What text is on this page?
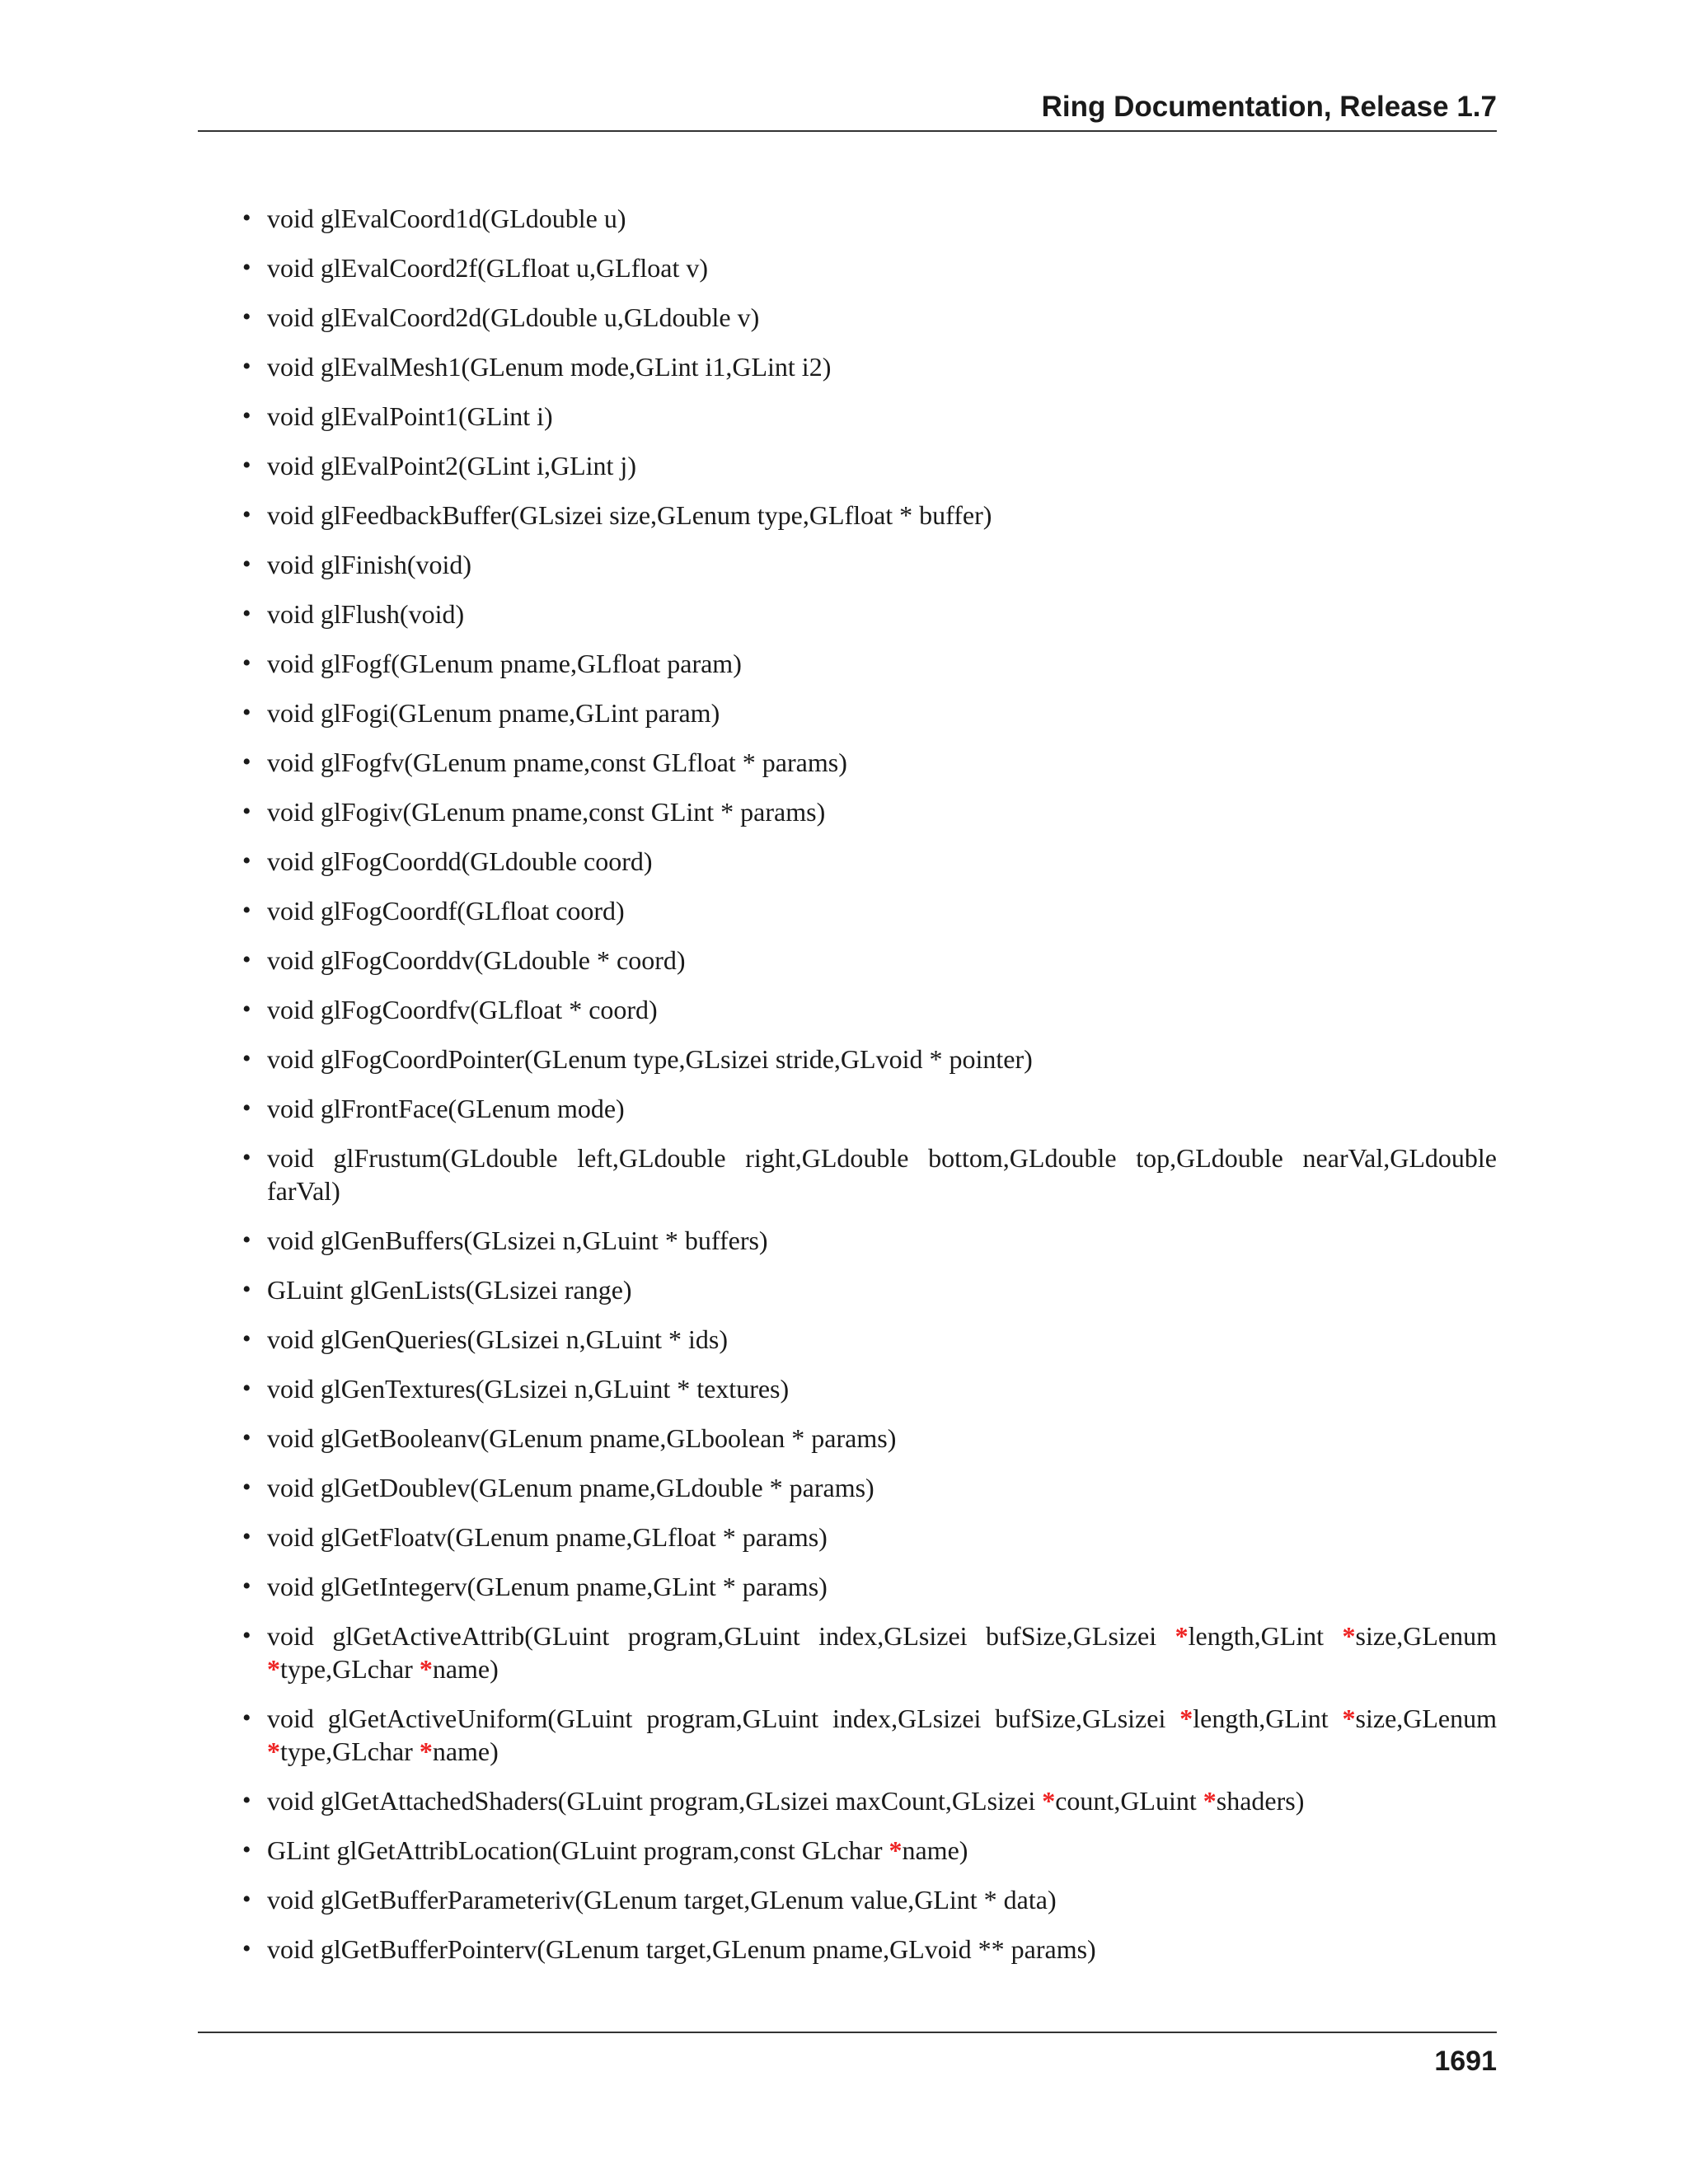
Ring Documentation, Release 1.7
• void glEvalCoord1d(GLdouble u)
• void glEvalCoord2f(GLfloat u,GLfloat v)
• void glEvalCoord2d(GLdouble u,GLdouble v)
• void glEvalMesh1(GLenum mode,GLint i1,GLint i2)
• void glEvalPoint1(GLint i)
• void glEvalPoint2(GLint i,GLint j)
• void glFeedbackBuffer(GLsizei size,GLenum type,GLfloat * buffer)
• void glFinish(void)
• void glFlush(void)
• void glFogf(GLenum pname,GLfloat param)
• void glFogi(GLenum pname,GLint param)
• void glFogfv(GLenum pname,const GLfloat * params)
• void glFogiv(GLenum pname,const GLint * params)
• void glFogCoordd(GLdouble coord)
• void glFogCoordf(GLfloat coord)
• void glFogCoorddv(GLdouble * coord)
• void glFogCoordfv(GLfloat * coord)
• void glFogCoordPointer(GLenum type,GLsizei stride,GLvoid * pointer)
• void glFrontFace(GLenum mode)
• void glFrustum(GLdouble left,GLdouble right,GLdouble bottom,GLdouble top,GLdouble nearVal,GLdouble farVal)
• void glGenBuffers(GLsizei n,GLuint * buffers)
• GLuint glGenLists(GLsizei range)
• void glGenQueries(GLsizei n,GLuint * ids)
• void glGenTextures(GLsizei n,GLuint * textures)
• void glGetBooleanv(GLenum pname,GLboolean * params)
• void glGetDoublev(GLenum pname,GLdouble * params)
• void glGetFloatv(GLenum pname,GLfloat * params)
• void glGetIntegerv(GLenum pname,GLint * params)
• void glGetActiveAttrib(GLuint program,GLuint index,GLsizei bufSize,GLsizei *length,GLint *size,GLenum *type,GLchar *name)
• void glGetActiveUniform(GLuint program,GLuint index,GLsizei bufSize,GLsizei *length,GLint *size,GLenum *type,GLchar *name)
• void glGetAttachedShaders(GLuint program,GLsizei maxCount,GLsizei *count,GLuint *shaders)
• GLint glGetAttribLocation(GLuint program,const GLchar *name)
• void glGetBufferParameteriv(GLenum target,GLenum value,GLint * data)
• void glGetBufferPointerv(GLenum target,GLenum pname,GLvoid ** params)
1691
